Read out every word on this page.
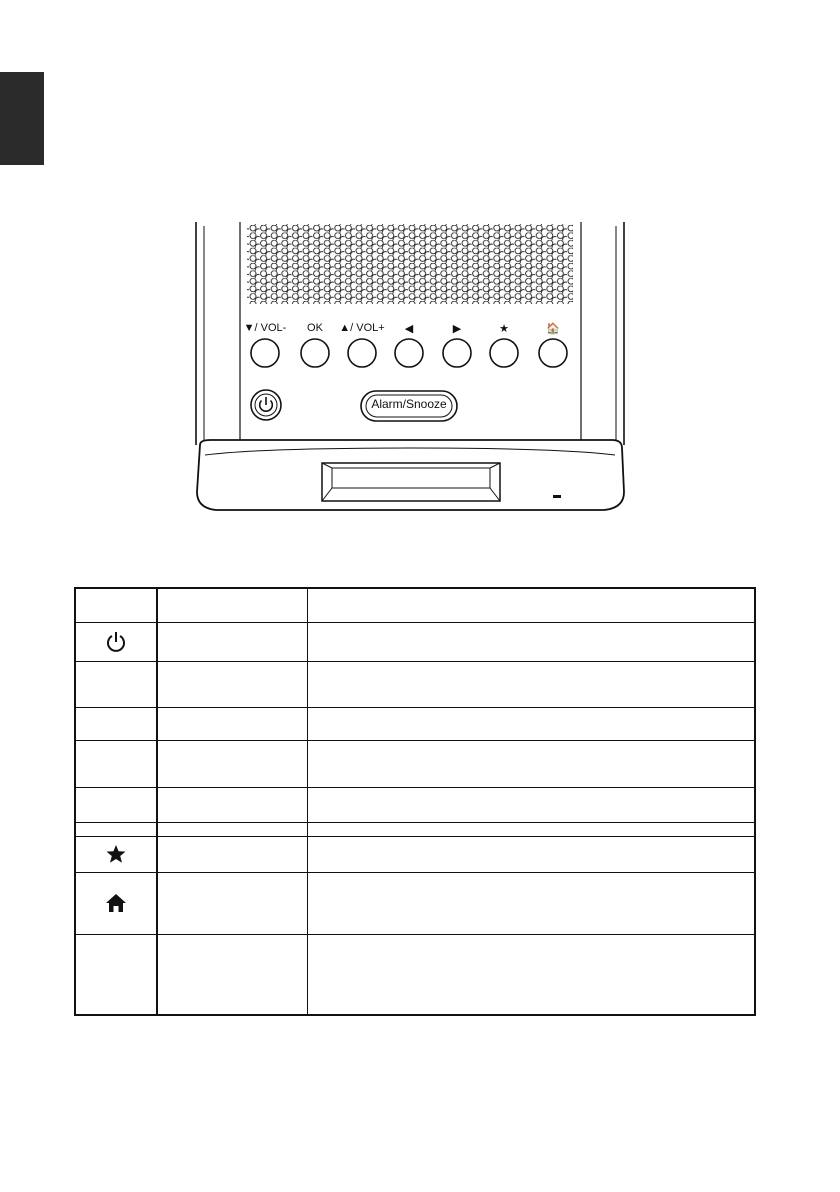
▼/ VOL- OK ▲/ VOL+ ◀	▶	★	🏠
Alarm/Snooze
